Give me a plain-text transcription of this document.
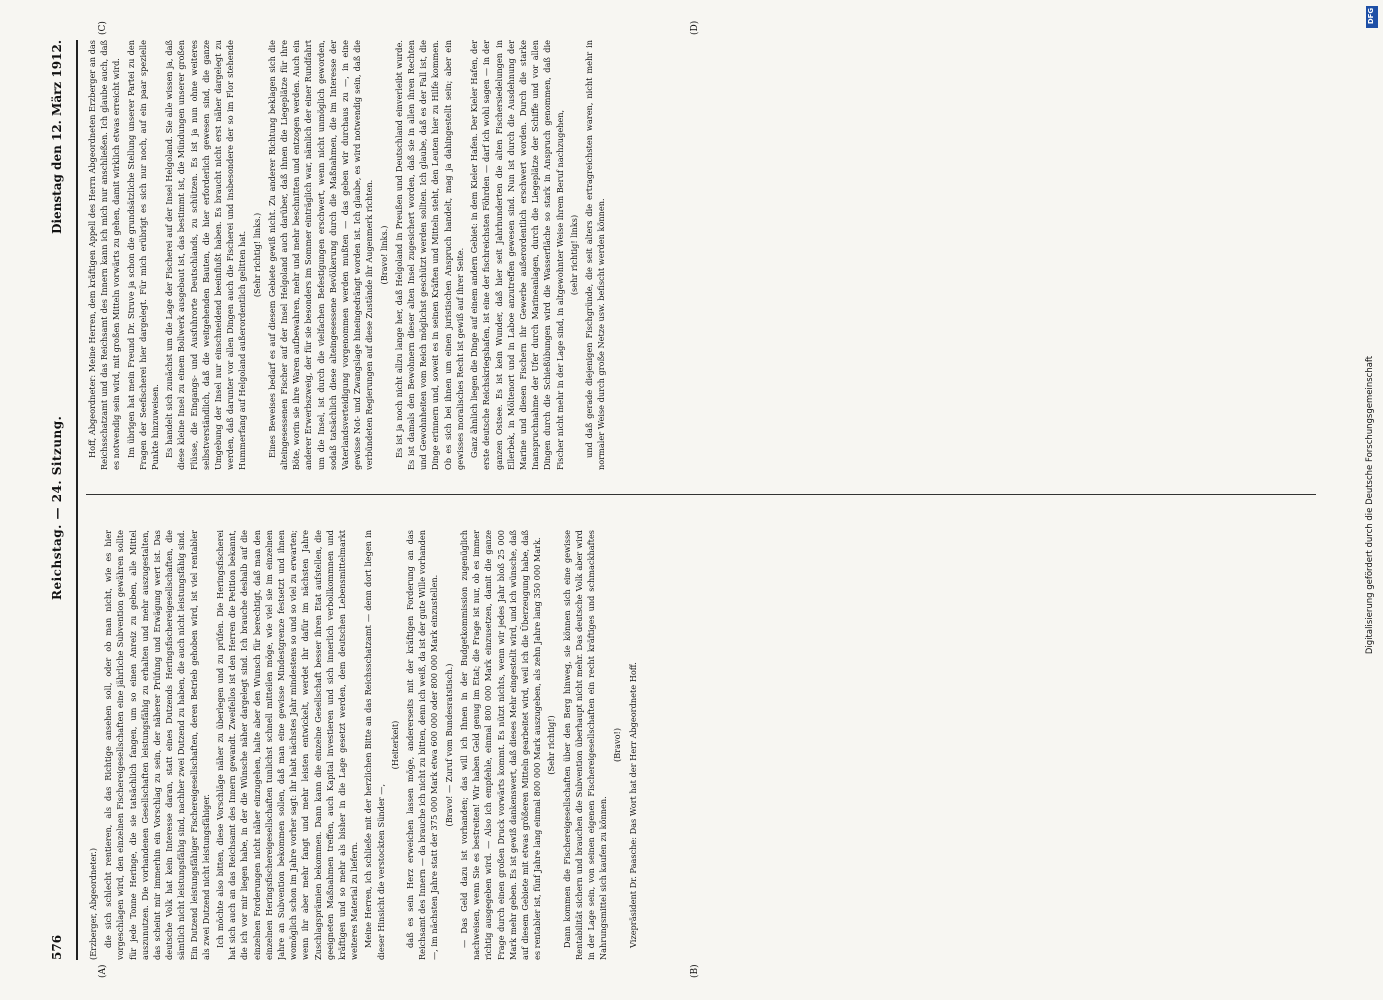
576
Reichstag. — 24. Sitzung.
Dienstag den 12. März 1912.
(A)	(B)
(C)	(D)

(Erzberger, Abgeordneter.) die sich schlecht rentieren, als das Richtige ansehen soll, oder ob man nicht, wie es hier vorgeschlagen wird, den einzelnen Fischereigesellschaften eine jährliche Subvention gewähren sollte für jede Tonne Heringe, die sie tatsächlich fangen, um so einen Anreiz zu geben, alle Mittel auszunutzen. Die vorhandenen Gesellschaften leistungsfähig zu erhalten und mehr auszugestalten, das scheint mir immerhin ein Vorschlag zu sein, der näherer Prüfung und Erwägung wert ist. Das deutsche Volk hat kein Interesse daran, statt eines Dutzends Heringsfischereigesellschaften, die sämtlich nicht leistungsfähig sind, nachher zwei Dutzend zu haben, die auch nicht leistungsfähig sind. Ein Dutzend leistungsfähiger Fischereigesellschaften, deren Betrieb gehoben wird, ist viel rentabler als zwei Dutzend nicht leistungsfähiger. Ich möchte also bitten, diese Vorschläge näher zu überlegen und zu prüfen. Die Heringsfischerei hat sich auch an das Reichsamt des Innern gewandt. Zweifellos ist den Herren die Petition bekannt, die ich vor mir liegen habe, in der die Wünsche näher dargelegt sind. Ich brauche deshalb auf die einzelnen Forderungen nicht näher einzugehen, halte aber den Wunsch für berechtigt, daß man den einzelnen Heringsfischereigesellschaften tunlichst schnell mitteilen möge, wie viel sie im einzelnen Jahre an Subvention bekommen sollen, daß man eine gewisse Mindestgrenze festsetzt und ihnen womöglich schon im Jahre vorher sagt: ihr habt nächstes Jahr mindestens so und so viel zu erwarten; wenn ihr aber mehr fangt und mehr leisten entwickelt, werdet ihr dafür im nächsten Jahre Zuschlagsprämien bekommen. Dann kann die einzelne Gesellschaft besser ihren Etat aufstellen, die geeigneten Maßnahmen treffen, auch Kapital investieren und sich innerlich verbollkommnen und kräftigen und so mehr als bisher in die Lage gesetzt werden, dem deutschen Lebensmittelmarkt weiteres Material zu liefern. Meine Herren, ich schließe mit der herzlichen Bitte an das Reichsschatzamt — denn dort liegen in dieser Hinsicht die verstockten Sünder —,

(Heiterkeit) daß es sein Herz erweichen lassen möge, andererseits mit der kräftigen Forderung an das Reichsamt des Innern — da brauche ich nicht zu bitten, denn ich weiß, da ist der gute Wille vorhanden —, im nächsten Jahre statt der 375 000 Mark etwa 600 000 oder 800 000 Mark einzustellen. (Bravo! — Zuruf vom Bundesratstisch.) — Das Geld dazu ist vorhanden; das will ich Ihnen in der Budgetkommission zugenüglich nachweisen, wenn Sie es bestreiten! Wir haben Geld genug im Etat; die Frage ist nur, ob es immer richtig ausgegeben wird. — Also ich empfehle, einmal 800 000 Mark einzusetzen, damit die ganze Frage durch einen großen Druck vorwärts kommt. Es nützt nichts, wenn wir jedes Jahr bloß 25 000 Mark mehr geben. Es ist gewiß dankenswert, daß dieses Mehr eingestellt wird, und ich wünsche, daß auf diesem Gebiete mit etwas größeren Mitteln gearbeitet wird, weil ich die Überzeugung habe, daß es rentabler ist, fünf Jahre lang einmal 800 000 Mark auszugeben, als zehn Jahre lang 350 000 Mark. (Sehr richtig!) Dann kommen die Fischereigesellschaften über den Berg hinweg, sie können sich eine gewisse Rentabilität sichern und brauchen die Subvention überhaupt nicht mehr. Das deutsche Volk aber wird in der Lage sein, von seinen eigenen Fischereigesellschaften ein recht kräftiges und schmackhaftes Nahrungsmittel sich kaufen zu können.

(Bravo!) Vizepräsident Dr. Paasche: Das Wort hat der Herr Abgeordnete Hoff.

Hoff, Abgeordneter: Meine Herren, dem kräftigen Appell des Herrn Abgeordneten Erzberger an das Reichsschatzamt und das Reichsamt des Innern kann ich mich nur anschließen. Ich glaube auch, daß es notwendig sein wird, mit großen Mitteln vorwärts zu gehen, damit wirklich etwas erreicht wird. Im übrigen hat mein Freund Dr. Struve ja schon die grundsätzliche Stellung unserer Partei zu den Fragen der Seefischerei hier dargelegt. Für mich erübrigt es sich nur noch, auf ein paar spezielle Punkte hinzuweisen. Es handelt sich zunächst um die Lage der Fischerei auf der Insel Helgoland. Sie alle wissen ja, daß diese kleine Insel zu einem Bollwerk ausgebaut ist, das bestimmt ist, die Mündungen unserer großen Flüsse, die Eingangs- und Ausfuhrorte Deutschlands, zu schützen. Es ist ja nun ohne weiteres selbstverständlich, daß die weitgehenden Bauten, die hier erforderlich gewesen sind, die ganze Umgebung der Insel nur einschneidend beeinflußt haben. Es braucht nicht erst näher dargelegt zu werden, daß darunter vor allen Dingen auch die Fischerei und insbesondere der so im Flor stehende Hummerfang auf Helgoland außerordentlich gelitten hat. (Sehr richtig! links.) Eines Beweises bedarf es auf diesem Gebiete gewiß nicht. Zu anderer Richtung beklagen sich die alteingesessenen Fischer auf der Insel Helgoland auch darüber, daß ihnen die Liegeplätze für ihre Böte, worin sie ihre Waren aufbewahren, mehr und mehr beschnitten und entzogen werden. Auch ein anderer Erwerbszweig, der für sie besonders im Sommer einträglich war, nämlich der einer Rundfahrt um die Insel, ist durch die vielfachen Befestigungen erschwert, wenn nicht unmöglich geworden, sodaß tatsächlich diese alteingesessene Bevölkerung durch die Maßnahmen, die im Interesse der Vaterlandsverteidigung vorgenommen werden mußten — das geben wir durchaus zu —, in eine gewisse Not- und Zwangslage hineingedrängt worden ist. Ich glaube, es wird notwendig sein, daß die verbündeten Regierungen auf diese Zustände ihr Augenmerk richten. (Bravo! links.) Es ist ja noch nicht allzu lange her, daß Helgoland in Preußen und Deutschland einverleibt wurde. Es ist damals den Bewohnern dieser alten Insel zugesichert worden, daß sie in allen ihren Rechten und Gewohnheiten vom Reich möglichst geschützt werden sollten. Ich glaube, daß es der Fall ist, die Dinge erinnern und, soweit es in seinen Kräften und Mitteln steht, den Leuten hier zu Hilfe kommen. Ob es sich bei ihnen um einen juristischen Anspruch handelt, mag ja dahingestellt sein; aber ein gewisses moralisches Recht ist gewiß auf ihrer Seite. Ganz ähnlich liegen die Dinge auf einem andern Gebiet: in dem Kieler Hafen. Der Kieler Hafen, der erste deutsche Reichskriegshafen, ist eine der fischreichsten Föhrden — darf ich wohl sagen — in der ganzen Ostsee. Es ist kein Wunder, daß hier seit Jahrhunderten die alten Fischersiedelungen in Ellerbek, in Möltenort und in Laboe anzutreffen gewesen sind. Nun ist durch die Ausdehnung der Marine und diesen Fischern ihr Gewerbe außerordentlich erschwert worden. Durch die starke Inanspruchnahme der Ufer durch Marineanlagen, durch die Liegeplätze der Schiffe und vor allen Dingen durch die Schießübungen wird die Wasserfläche so stark in Anspruch genommen, daß die Fischer nicht mehr in der Lage sind, in altgewohnter Weise ihrem Beruf nachzugehen, (sehr richtig! links) und daß gerade diejenigen Fischgründe, die seit alters die ertragreichsten waren, nicht mehr in normaler Weise durch große Netze usw. befischt werden können.

DFG
Digitalisierung gefördert durch die Deutsche Forschungsgemeinschaft
